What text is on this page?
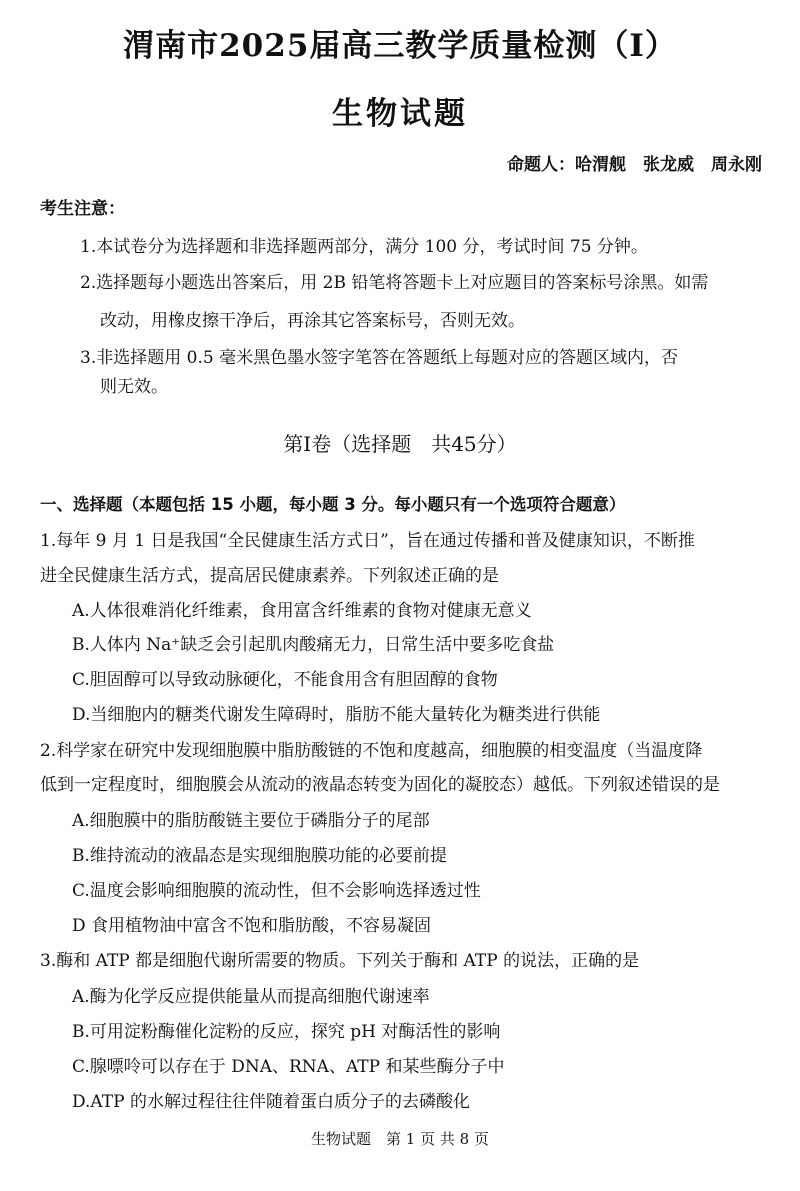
渭南市2025届高三教学质量检测（Ⅰ）
生物试题
命题人：哈渭舰　张龙威　周永刚
考生注意：
1.本试卷分为选择题和非选择题两部分，满分 100 分，考试时间 75 分钟。
2.选择题每小题选出答案后，用 2B 铅笔将答题卡上对应题目的答案标号涂黑。如需
改动，用橡皮擦干净后，再涂其它答案标号，否则无效。
3.非选择题用 0.5 毫米黑色墨水签字笔答在答题纸上每题对应的答题区域内，否
则无效。
第Ⅰ卷（选择题　共45分）
一、选择题（本题包括 15 小题，每小题 3 分。每小题只有一个选项符合题意）
1.每年 9 月 1 日是我国“全民健康生活方式日”，旨在通过传播和普及健康知识，不断推
进全民健康生活方式，提高居民健康素养。下列叙述正确的是
A.人体很难消化纤维素，食用富含纤维素的食物对健康无意义
B.人体内 Na⁺缺乏会引起肌肉酸痛无力，日常生活中要多吃食盐
C.胆固醇可以导致动脉硬化，不能食用含有胆固醇的食物
D.当细胞内的糖类代谢发生障碍时，脂肪不能大量转化为糖类进行供能
2.科学家在研究中发现细胞膜中脂肪酸链的不饱和度越高，细胞膜的相变温度（当温度降
低到一定程度时，细胞膜会从流动的液晶态转变为固化的凝胶态）越低。下列叙述错误的是
A.细胞膜中的脂肪酸链主要位于磷脂分子的尾部
B.维持流动的液晶态是实现细胞膜功能的必要前提
C.温度会影响细胞膜的流动性，但不会影响选择透过性
D 食用植物油中富含不饱和脂肪酸，不容易凝固
3.酶和 ATP 都是细胞代谢所需要的物质。下列关于酶和 ATP 的说法，正确的是
A.酶为化学反应提供能量从而提高细胞代谢速率
B.可用淀粉酶催化淀粉的反应，探究 pH 对酶活性的影响
C.腺嘌呤可以存在于 DNA、RNA、ATP 和某些酶分子中
D.ATP 的水解过程往往伴随着蛋白质分子的去磷酸化
生物试题　第 1 页 共 8 页
